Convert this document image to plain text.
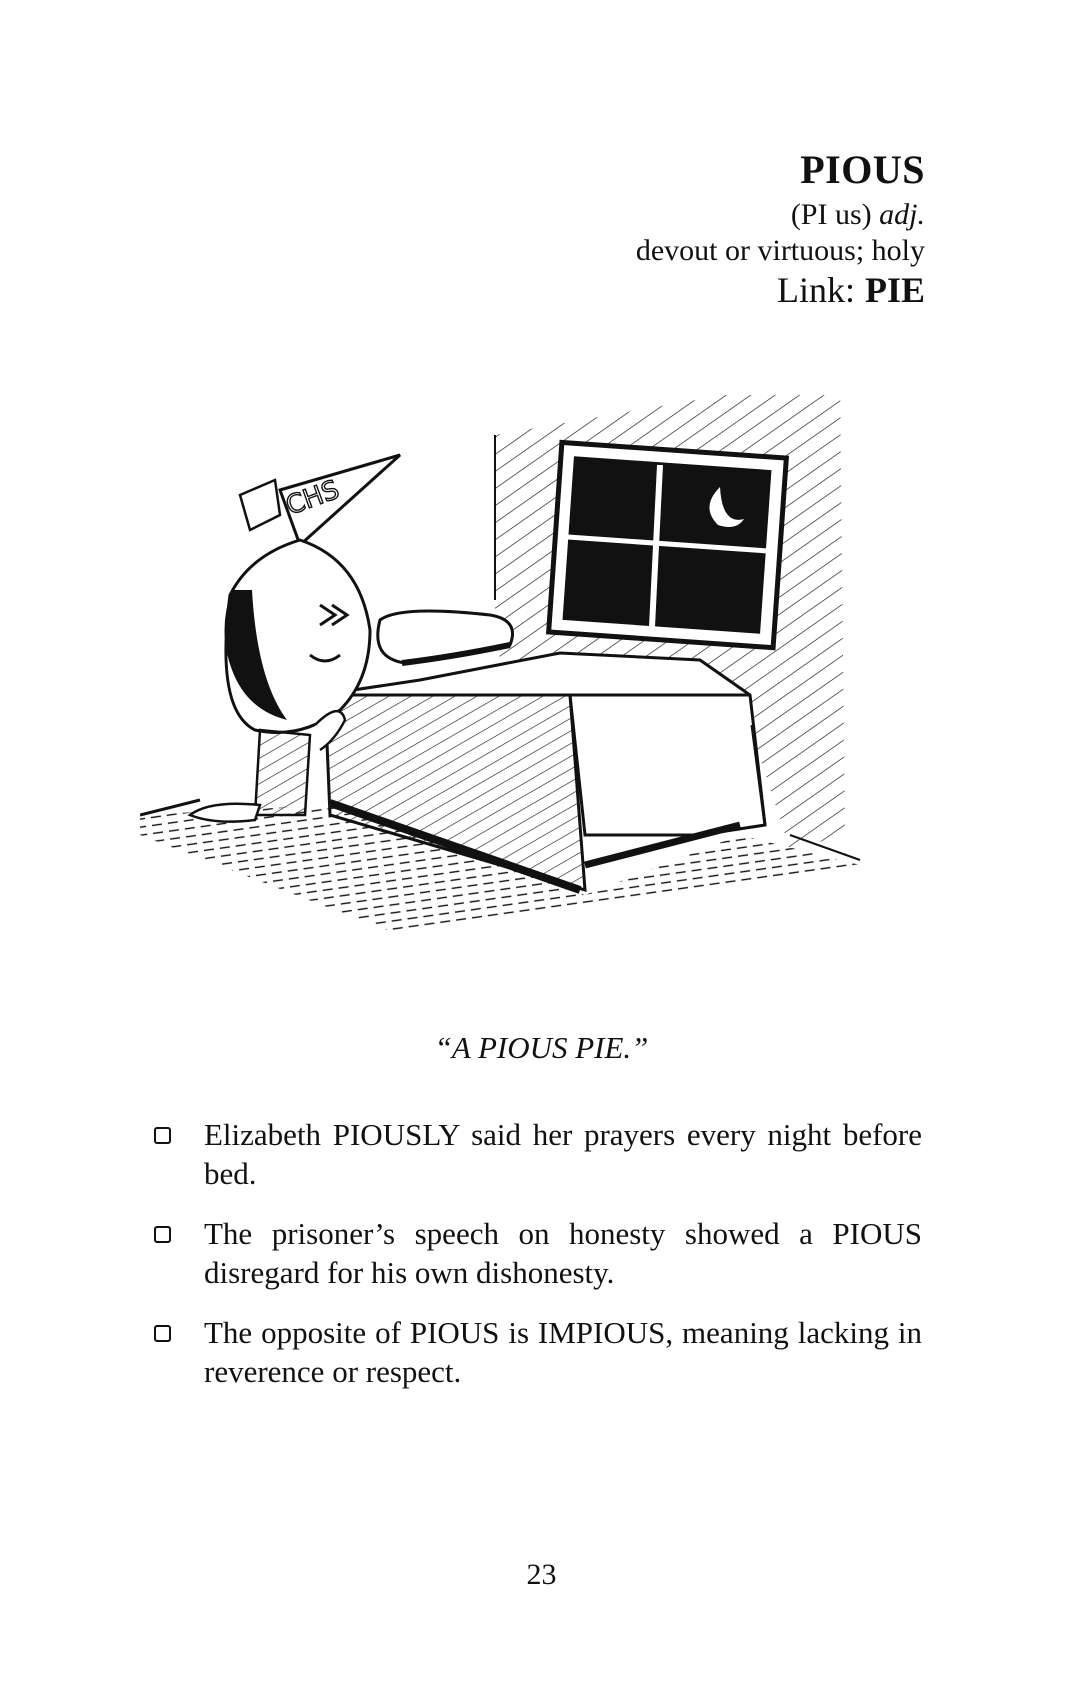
PIOUS
(PI us) adj.
devout or virtuous; holy
Link: PIE
CHS
“A PIOUS PIE.”
Elizabeth PIOUSLY said her prayers every night before bed.
The prisoner’s speech on honesty showed a PIOUS disregard for his own dishonesty.
The opposite of PIOUS is IMPIOUS, meaning lacking in reverence or respect.
23
